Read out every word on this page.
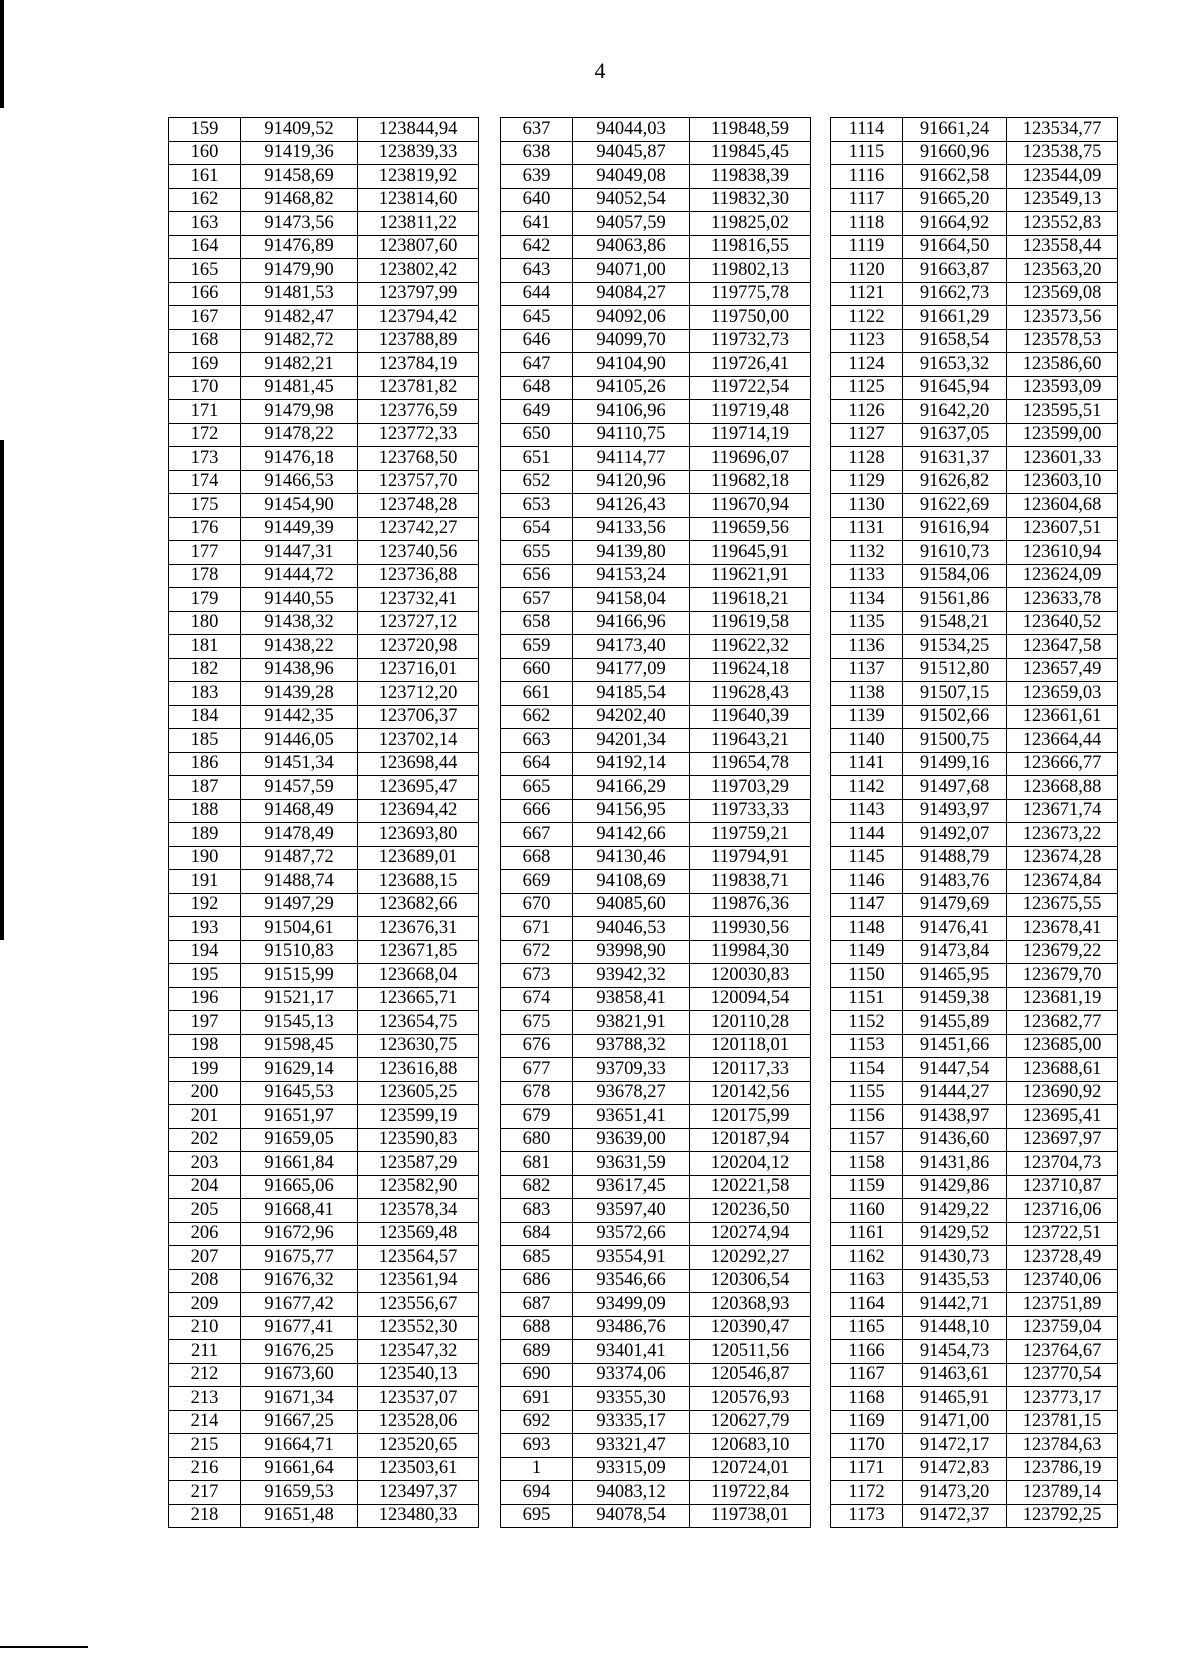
4
159	91409,52	123844,94
160	91419,36	123839,33
161	91458,69	123819,92
162	91468,82	123814,60
163	91473,56	123811,22
164	91476,89	123807,60
165	91479,90	123802,42
166	91481,53	123797,99
167	91482,47	123794,42
168	91482,72	123788,89
169	91482,21	123784,19
170	91481,45	123781,82
171	91479,98	123776,59
172	91478,22	123772,33
173	91476,18	123768,50
174	91466,53	123757,70
175	91454,90	123748,28
176	91449,39	123742,27
177	91447,31	123740,56
178	91444,72	123736,88
179	91440,55	123732,41
180	91438,32	123727,12
181	91438,22	123720,98
182	91438,96	123716,01
183	91439,28	123712,20
184	91442,35	123706,37
185	91446,05	123702,14
186	91451,34	123698,44
187	91457,59	123695,47
188	91468,49	123694,42
189	91478,49	123693,80
190	91487,72	123689,01
191	91488,74	123688,15
192	91497,29	123682,66
193	91504,61	123676,31
194	91510,83	123671,85
195	91515,99	123668,04
196	91521,17	123665,71
197	91545,13	123654,75
198	91598,45	123630,75
199	91629,14	123616,88
200	91645,53	123605,25
201	91651,97	123599,19
202	91659,05	123590,83
203	91661,84	123587,29
204	91665,06	123582,90
205	91668,41	123578,34
206	91672,96	123569,48
207	91675,77	123564,57
208	91676,32	123561,94
209	91677,42	123556,67
210	91677,41	123552,30
211	91676,25	123547,32
212	91673,60	123540,13
213	91671,34	123537,07
214	91667,25	123528,06
215	91664,71	123520,65
216	91661,64	123503,61
217	91659,53	123497,37
218	91651,48	123480,33
637	94044,03	119848,59
638	94045,87	119845,45
639	94049,08	119838,39
640	94052,54	119832,30
641	94057,59	119825,02
642	94063,86	119816,55
643	94071,00	119802,13
644	94084,27	119775,78
645	94092,06	119750,00
646	94099,70	119732,73
647	94104,90	119726,41
648	94105,26	119722,54
649	94106,96	119719,48
650	94110,75	119714,19
651	94114,77	119696,07
652	94120,96	119682,18
653	94126,43	119670,94
654	94133,56	119659,56
655	94139,80	119645,91
656	94153,24	119621,91
657	94158,04	119618,21
658	94166,96	119619,58
659	94173,40	119622,32
660	94177,09	119624,18
661	94185,54	119628,43
662	94202,40	119640,39
663	94201,34	119643,21
664	94192,14	119654,78
665	94166,29	119703,29
666	94156,95	119733,33
667	94142,66	119759,21
668	94130,46	119794,91
669	94108,69	119838,71
670	94085,60	119876,36
671	94046,53	119930,56
672	93998,90	119984,30
673	93942,32	120030,83
674	93858,41	120094,54
675	93821,91	120110,28
676	93788,32	120118,01
677	93709,33	120117,33
678	93678,27	120142,56
679	93651,41	120175,99
680	93639,00	120187,94
681	93631,59	120204,12
682	93617,45	120221,58
683	93597,40	120236,50
684	93572,66	120274,94
685	93554,91	120292,27
686	93546,66	120306,54
687	93499,09	120368,93
688	93486,76	120390,47
689	93401,41	120511,56
690	93374,06	120546,87
691	93355,30	120576,93
692	93335,17	120627,79
693	93321,47	120683,10
1	93315,09	120724,01
694	94083,12	119722,84
695	94078,54	119738,01
1114	91661,24	123534,77
1115	91660,96	123538,75
1116	91662,58	123544,09
1117	91665,20	123549,13
1118	91664,92	123552,83
1119	91664,50	123558,44
1120	91663,87	123563,20
1121	91662,73	123569,08
1122	91661,29	123573,56
1123	91658,54	123578,53
1124	91653,32	123586,60
1125	91645,94	123593,09
1126	91642,20	123595,51
1127	91637,05	123599,00
1128	91631,37	123601,33
1129	91626,82	123603,10
1130	91622,69	123604,68
1131	91616,94	123607,51
1132	91610,73	123610,94
1133	91584,06	123624,09
1134	91561,86	123633,78
1135	91548,21	123640,52
1136	91534,25	123647,58
1137	91512,80	123657,49
1138	91507,15	123659,03
1139	91502,66	123661,61
1140	91500,75	123664,44
1141	91499,16	123666,77
1142	91497,68	123668,88
1143	91493,97	123671,74
1144	91492,07	123673,22
1145	91488,79	123674,28
1146	91483,76	123674,84
1147	91479,69	123675,55
1148	91476,41	123678,41
1149	91473,84	123679,22
1150	91465,95	123679,70
1151	91459,38	123681,19
1152	91455,89	123682,77
1153	91451,66	123685,00
1154	91447,54	123688,61
1155	91444,27	123690,92
1156	91438,97	123695,41
1157	91436,60	123697,97
1158	91431,86	123704,73
1159	91429,86	123710,87
1160	91429,22	123716,06
1161	91429,52	123722,51
1162	91430,73	123728,49
1163	91435,53	123740,06
1164	91442,71	123751,89
1165	91448,10	123759,04
1166	91454,73	123764,67
1167	91463,61	123770,54
1168	91465,91	123773,17
1169	91471,00	123781,15
1170	91472,17	123784,63
1171	91472,83	123786,19
1172	91473,20	123789,14
1173	91472,37	123792,25
